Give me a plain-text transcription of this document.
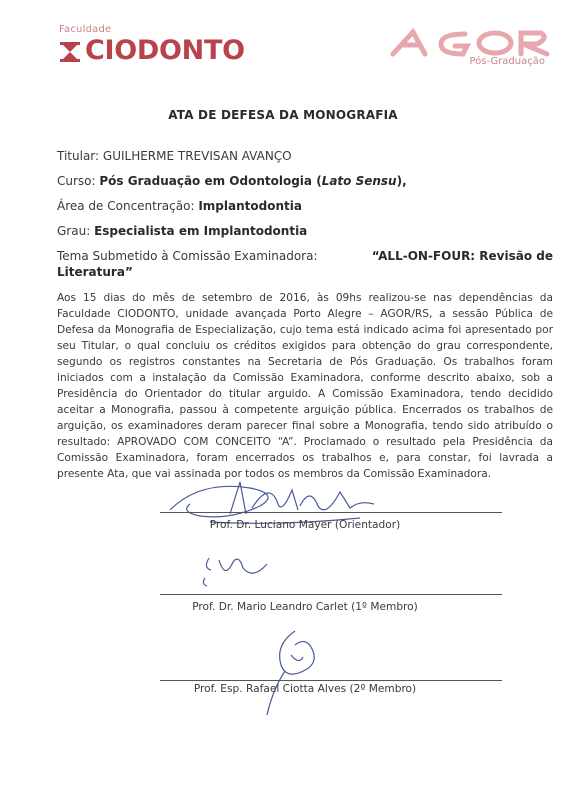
Faculdade
CIODONTO	Pós-Graduação
ATA DE DEFESA DA MONOGRAFIA
Titular: GUILHERME TREVISAN AVANÇO
Curso: Pós Graduação em Odontologia (Lato Sensu),
Área de Concentração: Implantodontia
Grau: Especialista em Implantodontia
Tema Submetido à Comissão Examinadora:	“ALL-ON-FOUR: Revisão de
Literatura”
Aos 15 dias do mês de setembro de 2016, às 09hs realizou-se nas dependências da Faculdade CIODONTO, unidade avançada Porto Alegre – AGOR/RS, a sessão Pública de Defesa da Monografia de Especialização, cujo tema está indicado acima foi apresentado por seu Titular, o qual concluiu os créditos exigidos para obtenção do grau correspondente, segundo os registros constantes na Secretaria de Pós Graduação. Os trabalhos foram iniciados com a instalação da Comissão Examinadora, conforme descrito abaixo, sob a Presidência do Orientador do titular arguido. A Comissão Examinadora, tendo decidido aceitar a Monografia, passou à competente arguição pública. Encerrados os trabalhos de arguição, os examinadores deram parecer final sobre a Monografia, tendo sido atribuído o resultado: APROVADO COM CONCEITO “A”. Proclamado o resultado pela Presidência da Comissão Examinadora, foram encerrados os trabalhos e, para constar, foi lavrada a presente Ata, que vai assinada por todos os membros da Comissão Examinadora.
Prof. Dr. Luciano Mayer (Orientador)
Prof. Dr. Mario Leandro Carlet (1º Membro)
Prof. Esp. Rafael Ciotta Alves (2º Membro)
